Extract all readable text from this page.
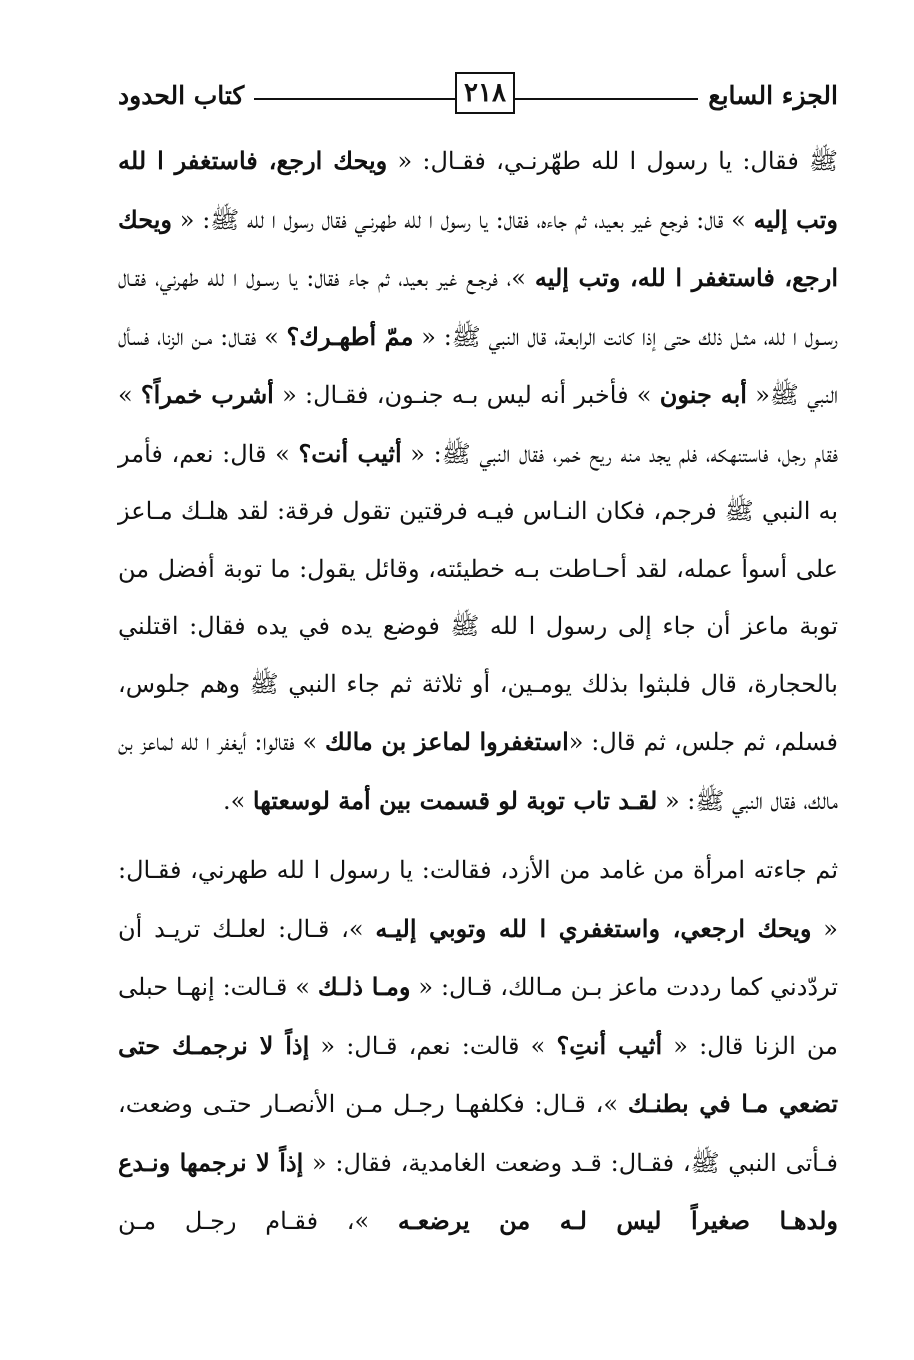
الجزء السابع
٢١٨
كتاب الحدود

ﷺ فقال: يا رسول ا لله طهّرنـي، فقـال: « ويحك ارجع، فاستغفر ا لله وتب إليه » قال: فرجع غير بعيد، ثم جاءه، فقال: يا رسول ا لله طهرنـي فقال رسول ا لله ﷺ: « ويحك ارجع، فاستغفر ا لله، وتب إليه »، فرجـع غير بعيد، ثم جاء فقال: يا رسـول ا لله طهرني، فقـال رسـول ا لله، مثـل ذلك حتى إذا كانت الرابعة، قال النبي ﷺ: « ممّ أطهـرك؟ » فقـال: مـن الزنا، فسأل النبي ﷺ« أبه جنون » فأخبر أنه ليس بـه جنـون، فقـال: « أشرب خمراً؟ » فقام رجل، فاستنهكه، فلم يجد منه ريح خمر، فقال النبي ﷺ: « أثيب أنت؟ » قال: نعم، فأمر به النبي ﷺ فرجم، فكان النـاس فيـه فرقتين تقول فرقة: لقد هلـك مـاعز على أسوأ عمله، لقد أحـاطت بـه خطيئته، وقائل يقول: ما توبة أفضل من توبة ماعز أن جاء إلى رسول ا لله ﷺ فوضع يده في يده فقال: اقتلني بالحجارة، قال فلبثوا بذلك يومـين، أو ثلاثة ثم جاء النبي ﷺ وهم جلوس، فسلم، ثم جلس، ثم قال: «استغفروا لماعز بن مالك » فقالوا: أيغفر ا لله لماعز بن مالك، فقال النبي ﷺ: « لقـد تاب توبة لو قسمت بين أمة لوسعتها ».

ثم جاءته امرأة من غامد من الأزد، فقالت: يا رسول ا لله طهرني، فقـال: « ويحك ارجعي، واستغفري ا لله وتوبي إليـه »، قـال: لعلـك تريـد أن تردّدني كما رددت ماعز بـن مـالك، قـال: « ومـا ذلـك » قـالت: إنهـا حبلى من الزنا قال: « أثيب أنتِ؟ » قالت: نعم، قـال: « إذاً لا نرجمـك حتى تضعي مـا في بطنـك »، قـال: فكلفهـا رجـل مـن الأنصـار حتـى وضعت، فـأتى النبي ﷺ، فقـال: قـد وضعت الغامدية، فقال: « إذاً لا نرجمها ونـدع ولدهـا صغيراً ليس لـه من يرضعـه »، فقـام رجـل مـن
